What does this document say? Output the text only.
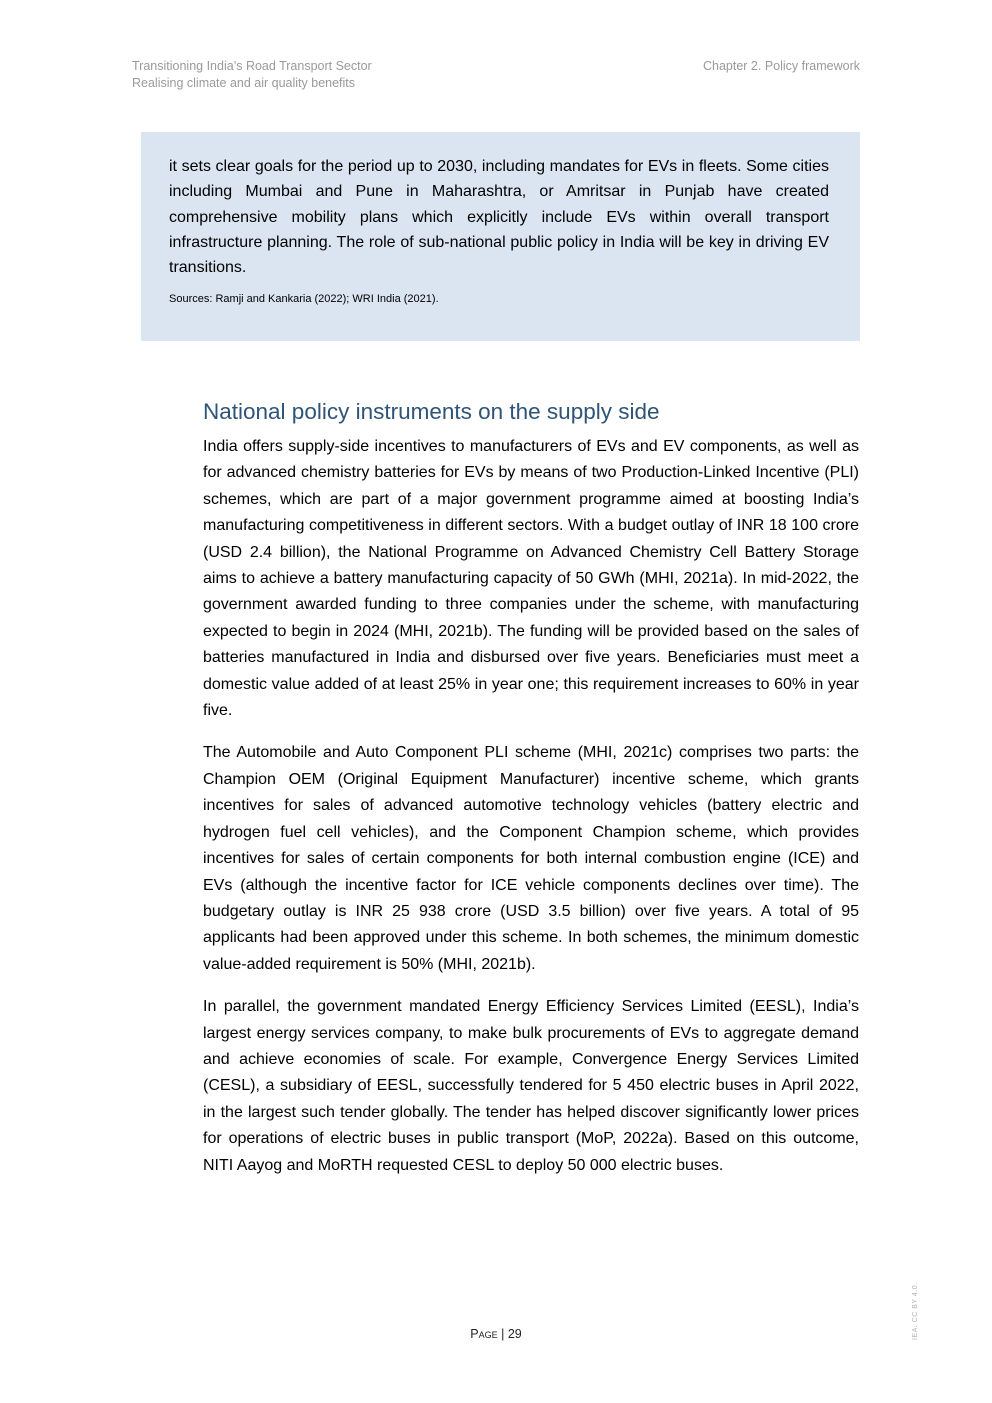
Transitioning India’s Road Transport Sector
Realising climate and air quality benefits
Chapter 2. Policy framework
it sets clear goals for the period up to 2030, including mandates for EVs in fleets. Some cities including Mumbai and Pune in Maharashtra, or Amritsar in Punjab have created comprehensive mobility plans which explicitly include EVs within overall transport infrastructure planning. The role of sub-national public policy in India will be key in driving EV transitions.
Sources: Ramji and Kankaria (2022); WRI India (2021).
National policy instruments on the supply side

India offers supply-side incentives to manufacturers of EVs and EV components, as well as for advanced chemistry batteries for EVs by means of two Production-Linked Incentive (PLI) schemes, which are part of a major government programme aimed at boosting India’s manufacturing competitiveness in different sectors. With a budget outlay of INR 18 100 crore (USD 2.4 billion), the National Programme on Advanced Chemistry Cell Battery Storage aims to achieve a battery manufacturing capacity of 50 GWh (MHI, 2021a). In mid-2022, the government awarded funding to three companies under the scheme, with manufacturing expected to begin in 2024 (MHI, 2021b). The funding will be provided based on the sales of batteries manufactured in India and disbursed over five years. Beneficiaries must meet a domestic value added of at least 25% in year one; this requirement increases to 60% in year five.

The Automobile and Auto Component PLI scheme (MHI, 2021c) comprises two parts: the Champion OEM (Original Equipment Manufacturer) incentive scheme, which grants incentives for sales of advanced automotive technology vehicles (battery electric and hydrogen fuel cell vehicles), and the Component Champion scheme, which provides incentives for sales of certain components for both internal combustion engine (ICE) and EVs (although the incentive factor for ICE vehicle components declines over time). The budgetary outlay is INR 25 938 crore (USD 3.5 billion) over five years. A total of 95 applicants had been approved under this scheme. In both schemes, the minimum domestic value-added requirement is 50% (MHI, 2021b).

In parallel, the government mandated Energy Efficiency Services Limited (EESL), India’s largest energy services company, to make bulk procurements of EVs to aggregate demand and achieve economies of scale. For example, Convergence Energy Services Limited (CESL), a subsidiary of EESL, successfully tendered for 5 450 electric buses in April 2022, in the largest such tender globally. The tender has helped discover significantly lower prices for operations of electric buses in public transport (MoP, 2022a). Based on this outcome, NITI Aayog and MoRTH requested CESL to deploy 50 000 electric buses.

Page | 29	IEA. CC BY 4.0.
